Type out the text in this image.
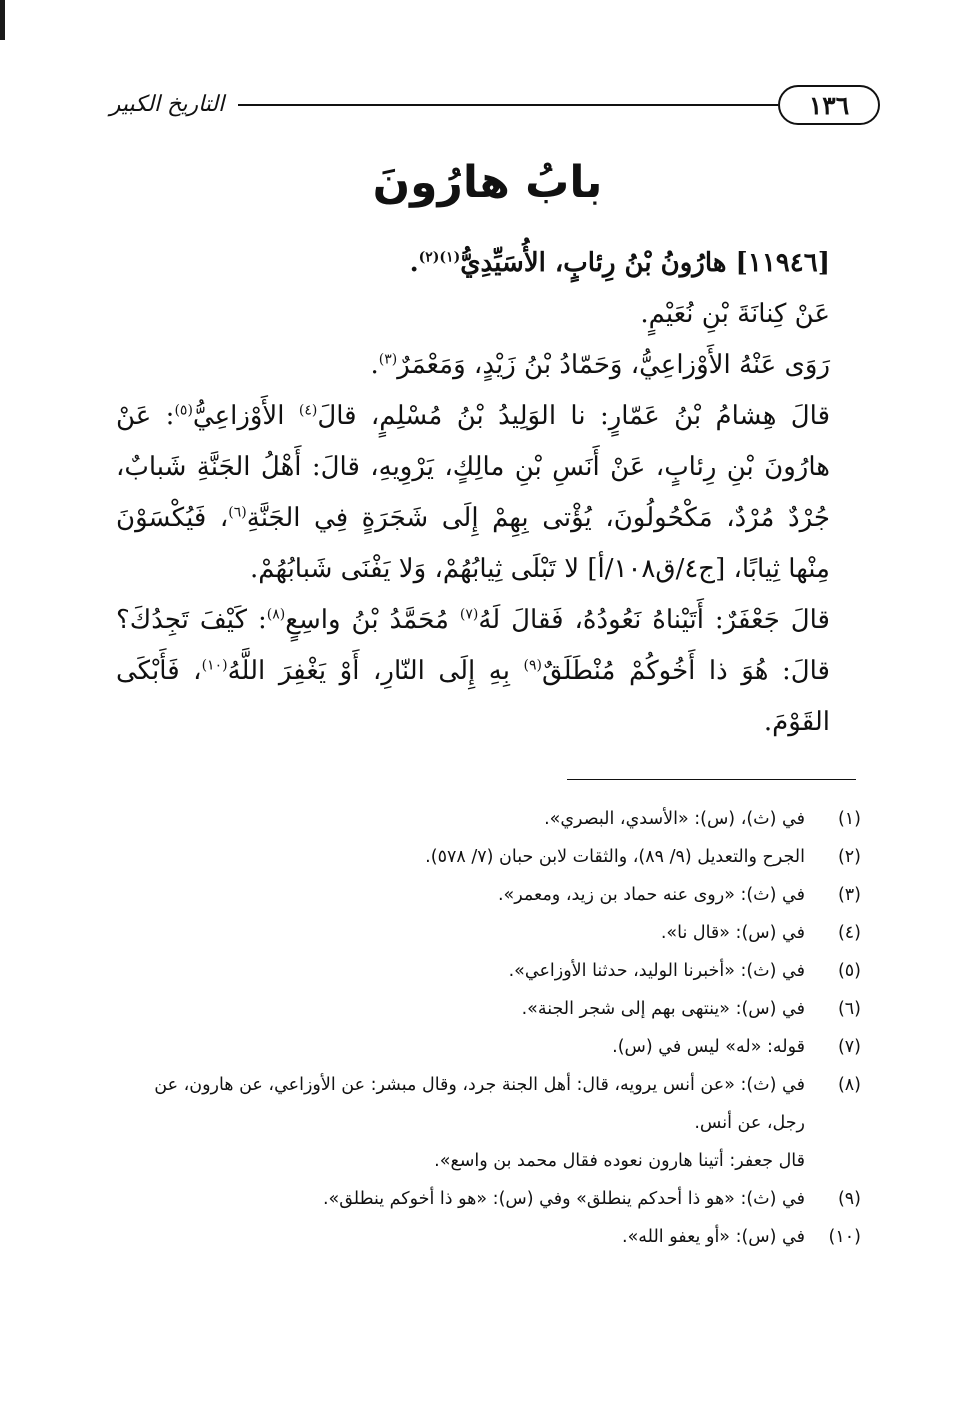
١٣٦
التاريخ الكبير
بابُ هارُونَ

[١١٩٤٦] هارُونُ بْنُ رِئابٍ، الأُسَيِّدِيُّ$^{(١)(٢)}$.

عَنْ كِنانَةَ بْنِ نُعَيْمٍ.

رَوَى عَنْهُ الأَوْزاعِيُّ، وَحَمّادُ بْنُ زَيْدٍ، وَمَعْمَرٌ$^{(٣)}$.

قالَ هِشامُ بْنُ عَمّارٍ: نا الوَلِيدُ بْنُ مُسْلِمٍ، قالَ$^{(٤)}$ الأَوْزاعِيُّ$^{(٥)}$: عَنْ هارُونَ بْنِ رِئابٍ، عَنْ أَنَسِ بْنِ مالِكٍ، يَرْوِيهِ، قالَ: أَهْلُ الجَنَّةِ شَبابٌ، جُرْدٌ مُرْدٌ، مَكْحُولُونَ، يُؤْتى بِهِمْ إِلَى شَجَرَةٍ فِي الجَنَّةِ$^{(٦)}$، فَيُكْسَوْنَ مِنْها ثِيابًا، [ج٤/ق١٠٨/أ] لا تَبْلَى ثِيابُهُمْ، وَلا يَفْنَى شَبابُهُمْ.

قالَ جَعْفَرٌ: أَتَيْناهُ نَعُودُهُ، فَقالَ لَهُ$^{(٧)}$ مُحَمَّدُ بْنُ واسِعٍ$^{(٨)}$: كَيْفَ تَجِدُكَ؟ قالَ: هُوَ ذا أَخُوكُمْ مُنْطَلَقٌ$^{(٩)}$ بِهِ إِلَى النّارِ، أَوْ يَغْفِرَ اللَّهُ$^{(١٠)}$، فَأَبْكَى القَوْمَ.

(١)
في (ث)، (س): «الأسدي، البصري».
(٢)
الجرح والتعديل (٩/ ٨٩)، والثقات لابن حبان (٧/ ٥٧٨).
(٣)
في (ث): «روى عنه حماد بن زيد، ومعمر».
(٤)
في (س): «قال نا».
(٥)
في (ث): «أخبرنا الوليد، حدثنا الأوزاعي».
(٦)
في (س): «ينتهى بهم إلى شجر الجنة».
(٧)
قوله: «له» ليس في (س).
(٨)
في (ث): «عن أنس يرويه، قال: أهل الجنة جرد، وقال مبشر: عن الأوزاعي، عن هارون، عن رجل، عن أنس.
قال جعفر: أتينا هارون نعوده فقال محمد بن واسع».
(٩)
في (ث): «هو ذا أحدكم ينطلق» وفي (س): «هو ذا أخوكم ينطلق».
(١٠)
في (س): «أو يعفو الله».
